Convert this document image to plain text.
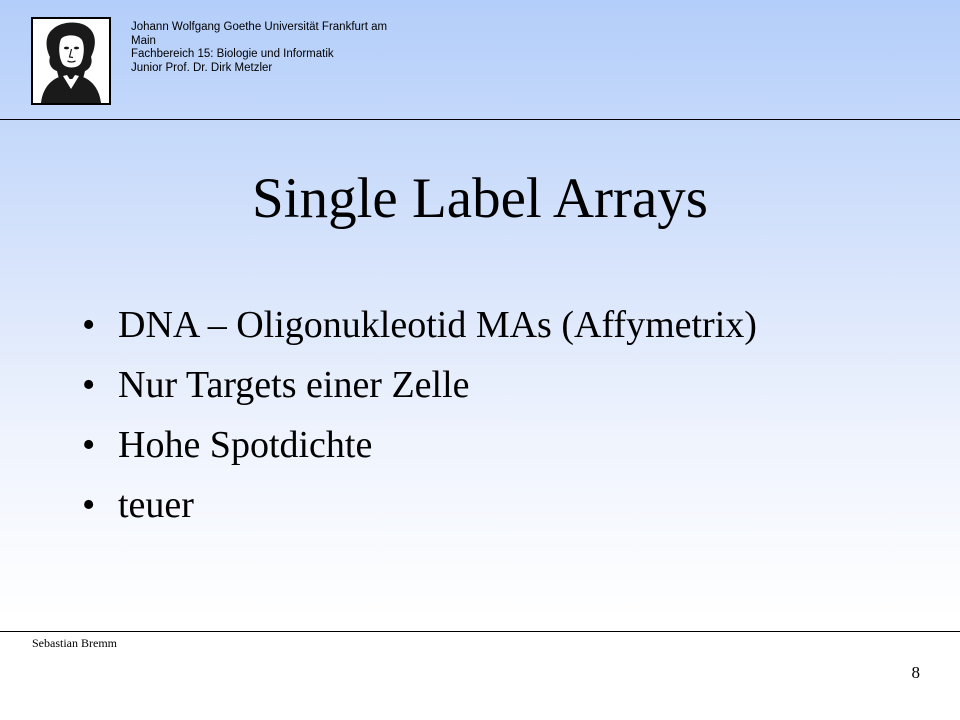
Johann Wolfgang Goethe Universität Frankfurt am
Main
Fachbereich 15: Biologie und Informatik
Junior Prof. Dr. Dirk Metzler
Single Label Arrays
• DNA – Oligonukleotid MAs (Affymetrix)
• Nur Targets einer Zelle
• Hohe Spotdichte
• teuer
Sebastian Bremm
8
